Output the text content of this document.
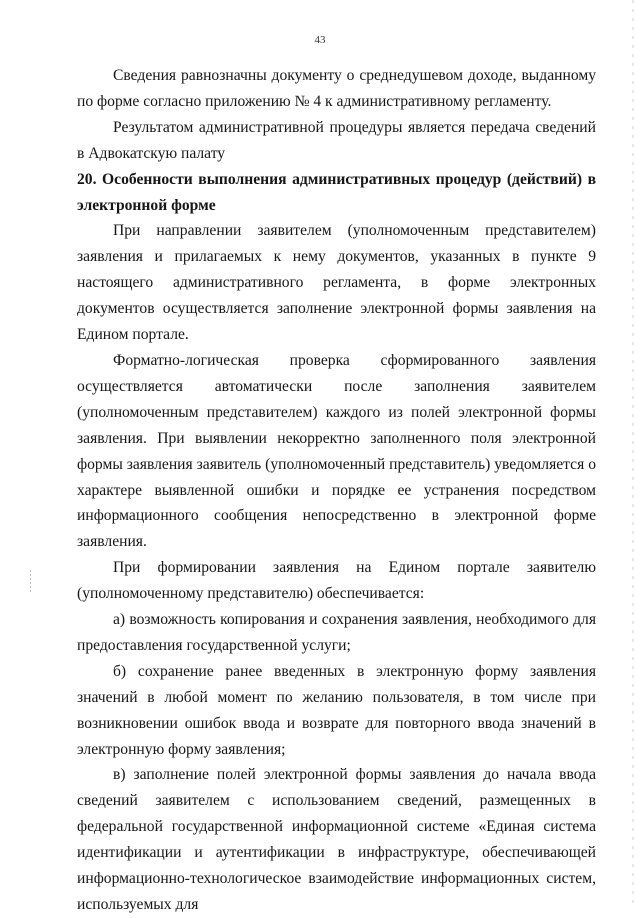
43

Сведения равнозначны документу о среднедушевом доходе, выданному по форме согласно приложению № 4 к административному регламенту.

Результатом административной процедуры является передача сведений в Адвокатскую палату

20. Особенности выполнения административных процедур (действий) в электронной форме

При направлении заявителем (уполномоченным представителем) заявления и прилагаемых к нему документов, указанных в пункте 9 настоящего административного регламента, в форме электронных документов осуществляется заполнение электронной формы заявления на Едином портале.

Форматно-логическая проверка сформированного заявления осуществляется автоматически после заполнения заявителем (уполномоченным представителем) каждого из полей электронной формы заявления. При выявлении некорректно заполненного поля электронной формы заявления заявитель (уполномоченный представитель) уведомляется о характере выявленной ошибки и порядке ее устранения посредством информационного сообщения непосредственно в электронной форме заявления.

При формировании заявления на Едином портале заявителю (уполномоченному представителю) обеспечивается:

а) возможность копирования и сохранения заявления, необходимого для предоставления государственной услуги;

б) сохранение ранее введенных в электронную форму заявления значений в любой момент по желанию пользователя, в том числе при возникновении ошибок ввода и возврате для повторного ввода значений в электронную форму заявления;

в) заполнение полей электронной формы заявления до начала ввода сведений заявителем с использованием сведений, размещенных в федеральной государственной информационной системе «Единая система идентификации и аутентификации в инфраструктуре, обеспечивающей информационно-технологическое взаимодействие информационных систем, используемых для
